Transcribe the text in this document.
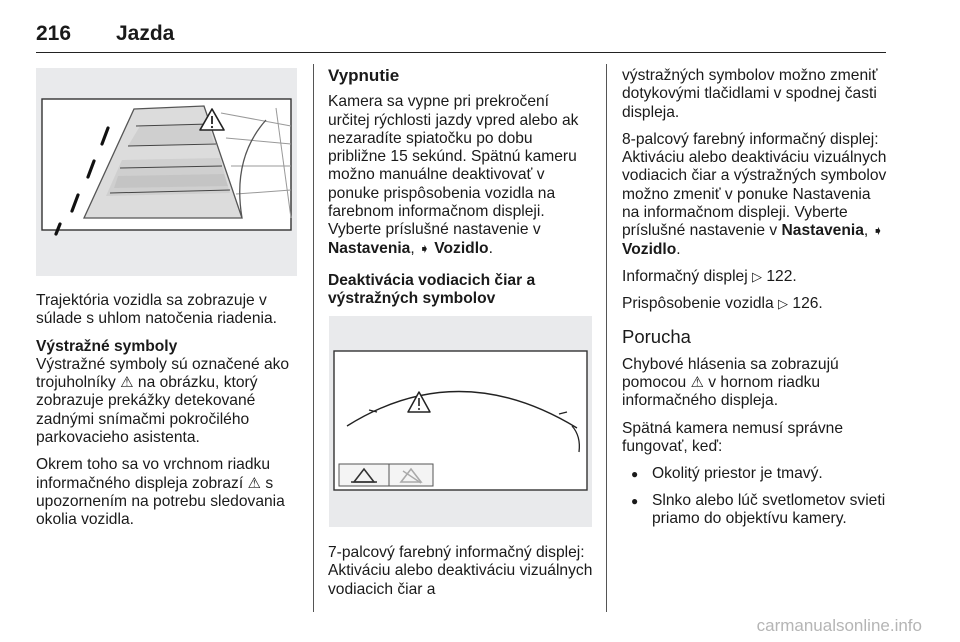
216 Jazda

Trajektória vozidla sa zobrazuje v súlade s uhlom natočenia riadenia.

Výstražné symboly

Výstražné symboly sú označené ako trojuholníky ⚠ na obrázku, ktorý zobrazuje prekážky detekované zadnými snímačmi pokročilého parkovacieho asistenta.

Okrem toho sa vo vrchnom riadku informačného displeja zobrazí ⚠ s upozornením na potrebu sledovania okolia vozidla.

Vypnutie

Kamera sa vypne pri prekročení určitej rýchlosti jazdy vpred alebo ak nezaradíte spiatočku po dobu približne 15 sekúnd. Spätnú kameru možno manuálne deaktivovať v ponuke prispôsobenia vozidla na farebnom informačnom displeji. Vyberte príslušné nastavenie v Nastavenia, ➧ Vozidlo.

Deaktivácia vodiacich čiar a výstražných symbolov

7-palcový farebný informačný displej: Aktiváciu alebo deaktiváciu vizuálnych vodiacich čiar a

výstražných symbolov možno zmeniť dotykovými tlačidlami v spodnej časti displeja.

8-palcový farebný informačný displej: Aktiváciu alebo deaktiváciu vizuálnych vodiacich čiar a výstražných symbolov možno zmeniť v ponuke Nastavenia na informačnom displeji. Vyberte príslušné nastavenie v Nastavenia, ➧ Vozidlo.

Informačný displej ▷ 122.

Prispôsobenie vozidla ▷ 126.

Porucha

Chybové hlásenia sa zobrazujú pomocou ⚠ v hornom riadku informačného displeja.

Spätná kamera nemusí správne fungovať, keď:

● Okolitý priestor je tmavý.
● Slnko alebo lúč svetlometov svieti priamo do objektívu kamery.
carmanualsonline.info
